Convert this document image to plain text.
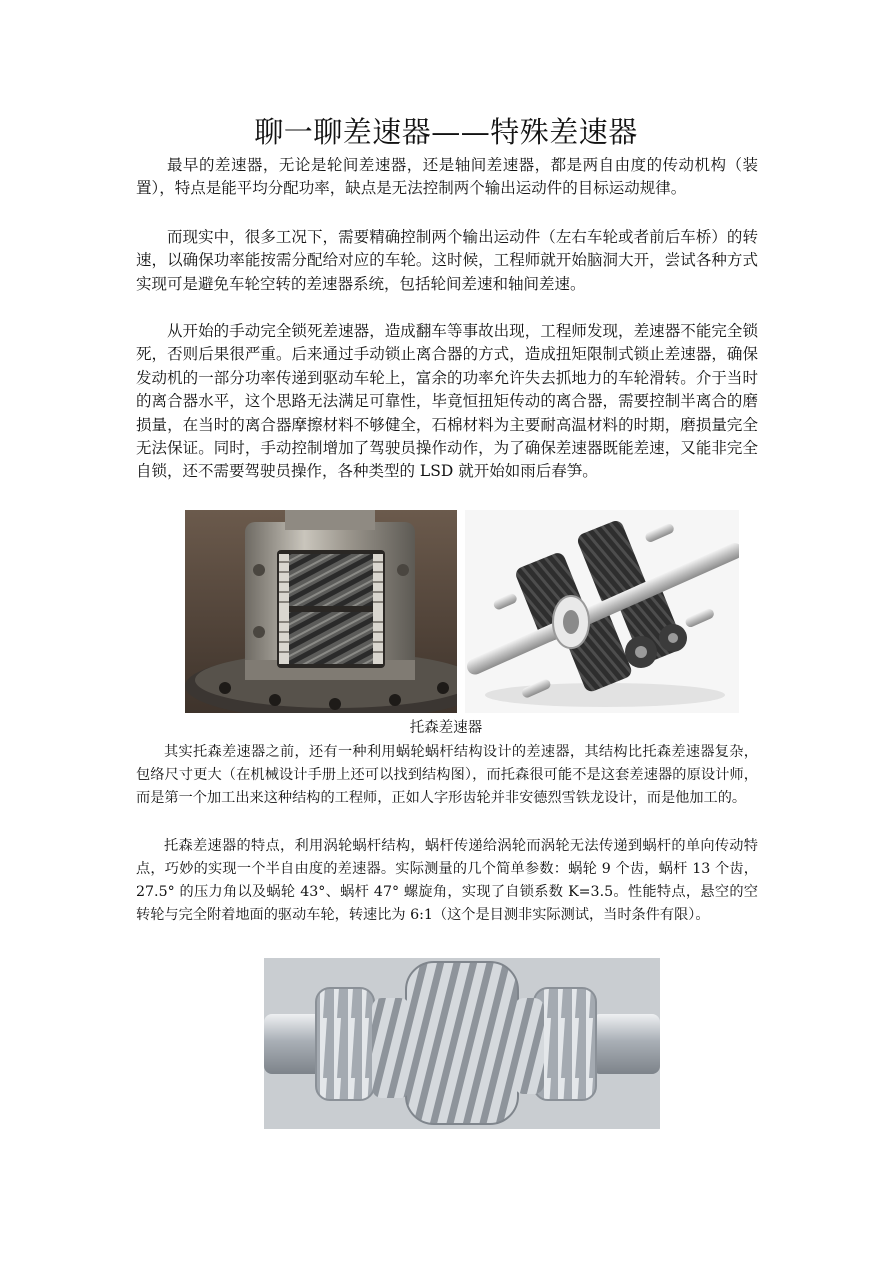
聊一聊差速器——特殊差速器

最早的差速器，无论是轮间差速器，还是轴间差速器，都是两自由度的传动机构（装置），特点是能平均分配功率，缺点是无法控制两个输出运动件的目标运动规律。

而现实中，很多工况下，需要精确控制两个输出运动件（左右车轮或者前后车桥）的转速，以确保功率能按需分配给对应的车轮。这时候，工程师就开始脑洞大开，尝试各种方式实现可是避免车轮空转的差速器系统，包括轮间差速和轴间差速。

从开始的手动完全锁死差速器，造成翻车等事故出现，工程师发现，差速器不能完全锁死，否则后果很严重。后来通过手动锁止离合器的方式，造成扭矩限制式锁止差速器，确保发动机的一部分功率传递到驱动车轮上，富余的功率允许失去抓地力的车轮滑转。介于当时的离合器水平，这个思路无法满足可靠性，毕竟恒扭矩传动的离合器，需要控制半离合的磨损量，在当时的离合器摩擦材料不够健全，石棉材料为主要耐高温材料的时期，磨损量完全无法保证。同时，手动控制增加了驾驶员操作动作，为了确保差速器既能差速，又能非完全自锁，还不需要驾驶员操作，各种类型的 LSD 就开始如雨后春笋。

托森差速器

其实托森差速器之前，还有一种利用蜗轮蜗杆结构设计的差速器，其结构比托森差速器复杂，包络尺寸更大（在机械设计手册上还可以找到结构图），而托森很可能不是这套差速器的原设计师，而是第一个加工出来这种结构的工程师，正如人字形齿轮并非安德烈雪铁龙设计，而是他加工的。

托森差速器的特点，利用涡轮蜗杆结构，蜗杆传递给涡轮而涡轮无法传递到蜗杆的单向传动特点，巧妙的实现一个半自由度的差速器。实际测量的几个简单参数：蜗轮 9 个齿，蜗杆 13 个齿，27.5° 的压力角以及蜗轮 43°、蜗杆 47° 螺旋角，实现了自锁系数 K=3.5。性能特点，悬空的空转轮与完全附着地面的驱动车轮，转速比为 6:1（这个是目测非实际测试，当时条件有限）。
